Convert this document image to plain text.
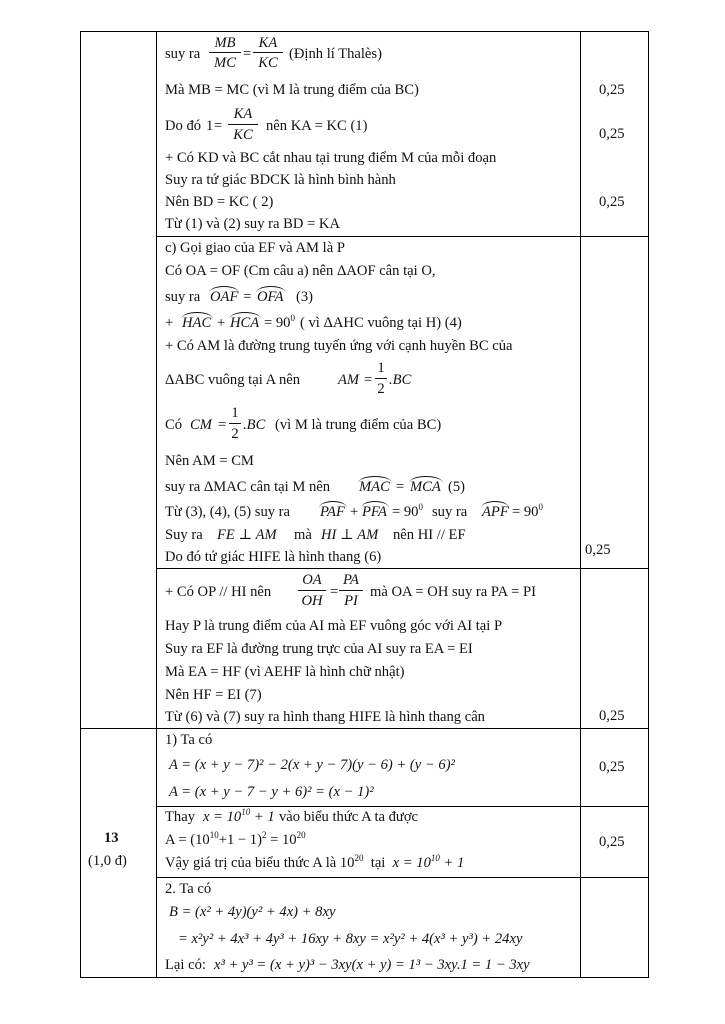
suy ra
MB
MC
=
KA
KC
(Định lí Thalès)
Mà MB = MC (vì M là trung điểm của BC)
Do đó 1 =
KA
KC
nên KA = KC (1)
+ Có KD và BC cắt nhau tại trung điểm M của mỗi đoạn
Suy ra tứ giác BDCK là hình bình hành
Nên BD = KC ( 2)
Từ (1) và (2) suy ra BD = KA
c) Gọi giao của EF và AM là P
Có OA = OF (Cm câu a) nên ΔAOF cân tại O,
suy ra OAF = OFA (3)
+ HAC + HCA = $90^0$ ( vì ΔAHC vuông tại H) (4)
+ Có AM là đường trung tuyến ứng với cạnh huyền BC của
ΔABC vuông tại A nên	AM =
1
2
.BC
Có CM =
1
2
.BC (vì M là trung điểm của BC)
Nên AM = CM
suy ra ΔMAC cân tại M nên MAC = MCA (5)
Từ (3), (4), (5) suy ra PAF + PFA = $90^0$ suy ra APF = $90^0$
Suy ra FE ⊥ AM mà HI ⊥ AM nên HI // EF
Do đó tứ giác HIFE là hình thang (6)
+ Có OP // HI nên
OA
OH
=
PA
PI
mà OA = OH suy ra PA = PI
Hay P là trung điểm của AI mà EF vuông góc với AI tại P
Suy ra EF là đường trung trực của AI suy ra EA = EI
Mà EA = HF (vì AEHF là hình chữ nhật)
Nên HF = EI (7)
Từ (6) và (7) suy ra hình thang HIFE là hình thang cân
13
(1,0 đ)
1) Ta có
A = (x + y − 7)² − 2(x + y − 7)(y − 6) + (y − 6)²
A = (x + y − 7 − y + 6)² = (x − 1)²
Thay $x = 10^{10} + 1$ vào biểu thức A ta được
$A = (10^{10}+1 - 1)^2 = 10^{20}$
Vậy giá trị của biểu thức A là $10^{20}$ tại $x = 10^{10} + 1$
2. Ta có
B = (x² + 4y)(y² + 4x) + 8xy
= x²y² + 4x³ + 4y³ + 16xy + 8xy = x²y² + 4(x³ + y³) + 24xy
Lại có: x³ + y³ = (x + y)³ − 3xy(x + y) = 1³ − 3xy.1 = 1 − 3xy
0,25
0,25
0,25
0,25
0,25
0,25
0,25
